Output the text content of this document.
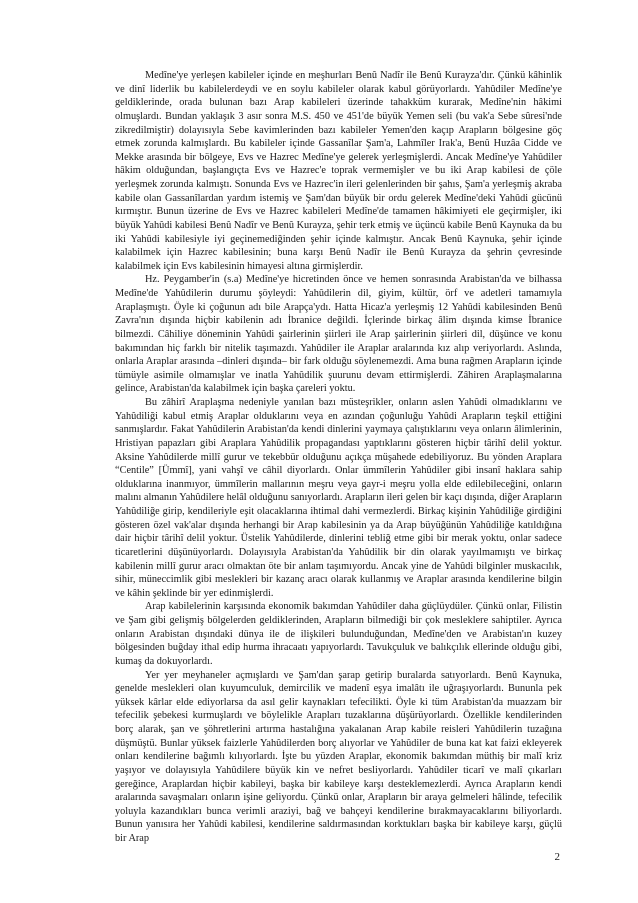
Medîne'ye yerleşen kabileler içinde en meşhurları Benû Nadîr ile Benû Kurayza'dır. Çünkü kâhinlik ve dinî liderlik bu kabilelerdeydi ve en soylu kabileler olarak kabul görüyorlardı. Yahûdiler Medîne'ye geldiklerinde, orada bulunan bazı Arap kabileleri üzerinde tahakküm kurarak, Medîne'nin hâkimi olmuşlardı. Bundan yaklaşık 3 asır sonra M.S. 450 ve 451'de büyük Yemen seli (bu vak'a Sebe sûresi'nde zikredilmiştir) dolayısıyla Sebe kavimlerinden bazı kabileler Yemen'den kaçıp Arapların bölgesine göç etmek zorunda kalmışlardı. Bu kabileler içinde Gassanîlar Şam'a, Lahmîler Irak'a, Benû Huzâa Cidde ve Mekke arasında bir bölgeye, Evs ve Hazrec Medîne'ye gelerek yerleşmişlerdi. Ancak Medîne'ye Yahûdiler hâkim olduğundan, başlangıçta Evs ve Hazrec'e toprak vermemişler ve bu iki Arap kabilesi de çöle yerleşmek zorunda kalmıştı. Sonunda Evs ve Hazrec'in ileri gelenlerinden bir şahıs, Şam'a yerleşmiş akraba kabile olan Gassanîlardan yardım istemiş ve Şam'dan büyük bir ordu gelerek Medîne'deki Yahûdi gücünü kırmıştır. Bunun üzerine de Evs ve Hazrec kabileleri Medîne'de tamamen hâkimiyeti ele geçirmişler, iki büyük Yahûdi kabilesi Benû Nadîr ve Benû Kurayza, şehir terk etmiş ve üçüncü kabile Benû Kaynuka da bu iki Yahûdi kabilesiyle iyi geçinemediğinden şehir içinde kalmıştır. Ancak Benû Kaynuka, şehir içinde kalabilmek için Hazrec kabilesinin; buna karşı Benû Nadîr ile Benû Kurayza da şehrin çevresinde kalabilmek için Evs kabilesinin himayesi altına girmişlerdir.

Hz. Peygamber'in (s.a) Medîne'ye hicretinden önce ve hemen sonrasında Arabistan'da ve bilhassa Medîne'de Yahûdilerin durumu şöyleydi: Yahûdilerin dil, giyim, kültür, örf ve adetleri tamamıyla Araplaşmıştı. Öyle ki çoğunun adı bile Arapça'ydı. Hatta Hicaz'a yerleşmiş 12 Yahûdi kabilesinden Benû Zavra'nın dışında hiçbir kabilenin adı İbranice değildi. İçlerinde birkaç âlim dışında kimse İbranice bilmezdi. Câhiliye döneminin Yahûdi şairlerinin şiirleri ile Arap şairlerinin şiirleri dil, düşünce ve konu bakımından hiç farklı bir nitelik taşımazdı. Yahûdiler ile Araplar aralarında kız alıp veriyorlardı. Aslında, onlarla Araplar arasında –dinleri dışında– bir fark olduğu söylenemezdi. Ama buna rağmen Arapların içinde tümüyle asimile olmamışlar ve inatla Yahûdilik şuurunu devam ettirmişlerdi. Zâhiren Araplaşmalarına gelince, Arabistan'da kalabilmek için başka çareleri yoktu.

Bu zâhirî Araplaşma nedeniyle yanılan bazı müsteşrikler, onların aslen Yahûdi olmadıklarını ve Yahûdiliği kabul etmiş Araplar olduklarını veya en azından çoğunluğu Yahûdi Arapların teşkil ettiğini sanmışlardır. Fakat Yahûdilerin Arabistan'da kendi dinlerini yaymaya çalıştıklarını veya onların âlimlerinin, Hristiyan papazları gibi Araplara Yahûdilik propagandası yaptıklarını gösteren hiçbir târihî delil yoktur. Aksine Yahûdilerde millî gurur ve tekebbür olduğunu açıkça müşahede edebiliyoruz. Bu yönden Araplara “Centile” [Ümmî], yani vahşî ve câhil diyorlardı. Onlar ümmîlerin Yahûdiler gibi insanî haklara sahip olduklarına inanmıyor, ümmîlerin mallarının meşru veya gayr-i meşru yolla elde edilebileceğini, onların malını almanın Yahûdilere helâl olduğunu sanıyorlardı. Arapların ileri gelen bir kaçı dışında, diğer Arapların Yahûdiliğe girip, kendileriyle eşit olacaklarına ihtimal dahi vermezlerdi. Birkaç kişinin Yahûdiliğe girdiğini gösteren özel vak'alar dışında herhangi bir Arap kabilesinin ya da Arap büyüğünün Yahûdiliğe katıldığına dair hiçbir târihî delil yoktur. Üstelik Yahûdilerde, dinlerini tebliğ etme gibi bir merak yoktu, onlar sadece ticaretlerini düşünüyorlardı. Dolayısıyla Arabistan'da Yahûdilik bir din olarak yayılmamıştı ve birkaç kabilenin millî gurur aracı olmaktan öte bir anlam taşımıyordu. Ancak yine de Yahûdi bilginler muskacılık, sihir, müneccimlik gibi meslekleri bir kazanç aracı olarak kullanmış ve Araplar arasında kendilerine bilgin ve kâhin şeklinde bir yer edinmişlerdi.

Arap kabilelerinin karşısında ekonomik bakımdan Yahûdiler daha güçlüydüler. Çünkü onlar, Filistin ve Şam gibi gelişmiş bölgelerden geldiklerinden, Arapların bilmediği bir çok mesleklere sahiptiler. Ayrıca onların Arabistan dışındaki dünya ile de ilişkileri bulunduğundan, Medîne'den ve Arabistan'ın kuzey bölgesinden buğday ithal edip hurma ihracaatı yapıyorlardı. Tavukçuluk ve balıkçılık ellerinde olduğu gibi, kumaş da dokuyorlardı.

Yer yer meyhaneler açmışlardı ve Şam'dan şarap getirip buralarda satıyorlardı. Benû Kaynuka, genelde meslekleri olan kuyumculuk, demircilik ve madenî eşya imalâtı ile uğraşıyorlardı. Bununla pek yüksek kârlar elde ediyorlarsa da asıl gelir kaynakları tefecilikti. Öyle ki tüm Arabistan'da muazzam bir tefecilik şebekesi kurmuşlardı ve böylelikle Arapları tuzaklarına düşürüyorlardı. Özellikle kendilerinden borç alarak, şan ve şöhretlerini artırma hastalığına yakalanan Arap kabile reisleri Yahûdilerin tuzağına düşmüştü. Bunlar yüksek faizlerle Yahûdilerden borç alıyorlar ve Yahûdiler de buna kat kat faizi ekleyerek onları kendilerine bağımlı kılıyorlardı. İşte bu yüzden Araplar, ekonomik bakımdan müthiş bir malî kriz yaşıyor ve dolayısıyla Yahûdilere büyük kin ve nefret besliyorlardı. Yahûdiler ticarî ve malî çıkarları gereğince, Araplardan hiçbir kabileyi, başka bir kabileye karşı desteklemezlerdi. Ayrıca Arapların kendi aralarında savaşmaları onların işine geliyordu. Çünkü onlar, Arapların bir araya gelmeleri hâlinde, tefecilik yoluyla kazandıkları bunca verimli araziyi, bağ ve bahçeyi kendilerine bırakmayacaklarını biliyorlardı. Bunun yanısıra her Yahûdi kabilesi, kendilerine saldırmasından korktukları başka bir kabileye karşı, güçlü bir Arap

2
